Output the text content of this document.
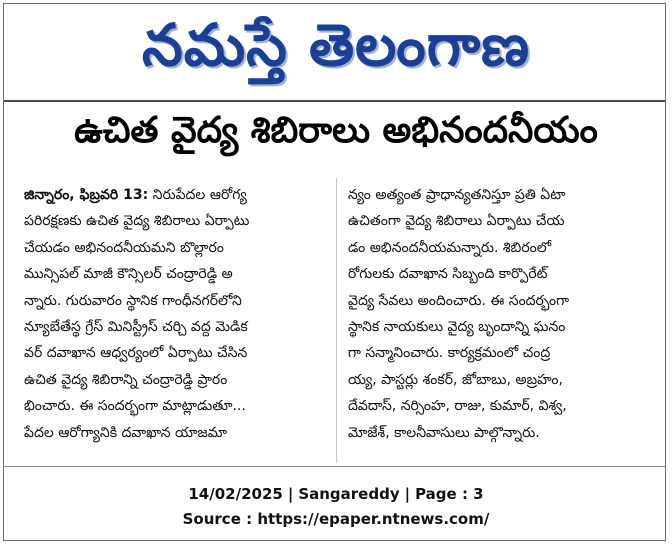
నమస్తే తెలంగాణ
ఉచిత వైద్య శిబిరాలు అభినందనీయం
జిన్నారం, ఫిబ్రవరి 13: నిరుపేదల ఆరోగ్య
పరిరక్షణకు ఉచిత వైద్య శిబిరాలు ఏర్పాటు
చేయడం అభినందనీయమని బొల్లారం
మున్సిపల్ మాజీ కౌన్సిలర్ చంద్రారెడ్డి అ
న్నారు. గురువారం స్థానిక గాంధీనగర్‌లోని
న్యూబేతేస్థ గ్రేస్ మినిస్ట్రీస్ చర్చి వద్ద మెడిక
వర్ దవాఖాన ఆధ్వర్యంలో ఏర్పాటు చేసిన
ఉచిత వైద్య శిబిరాన్ని చంద్రారెడ్డి ప్రారం
భించారు. ఈ సందర్భంగా మాట్లాడుతూ...
పేదల ఆరోగ్యానికి దవాఖాన యాజమా
న్యం అత్యంత ప్రాధాన్యతనిస్తూ ప్రతి ఏటా
ఉచితంగా వైద్య శిబిరాలు ఏర్పాటు చేయ
డం అభినందనీయమన్నారు. శిబిరంలో
రోగులకు దవాఖాన సిబ్బంది కార్పొరేట్
వైద్య సేవలు అందించారు. ఈ సందర్భంగా
స్థానిక నాయకులు వైద్య బృందాన్ని ఘనం
గా సన్మానించారు. కార్యక్రమంలో చంద్ర
య్య, పాస్టర్లు శంకర్, జోబాబు, అబ్రహం,
దేవదాస్, నర్సింహ, రాజు, కుమార్, విశ్వ,
మోజేశ్, కాలనీవాసులు పాల్గొన్నారు.
14/02/2025 | Sangareddy | Page : 3
Source : https://epaper.ntnews.com/
